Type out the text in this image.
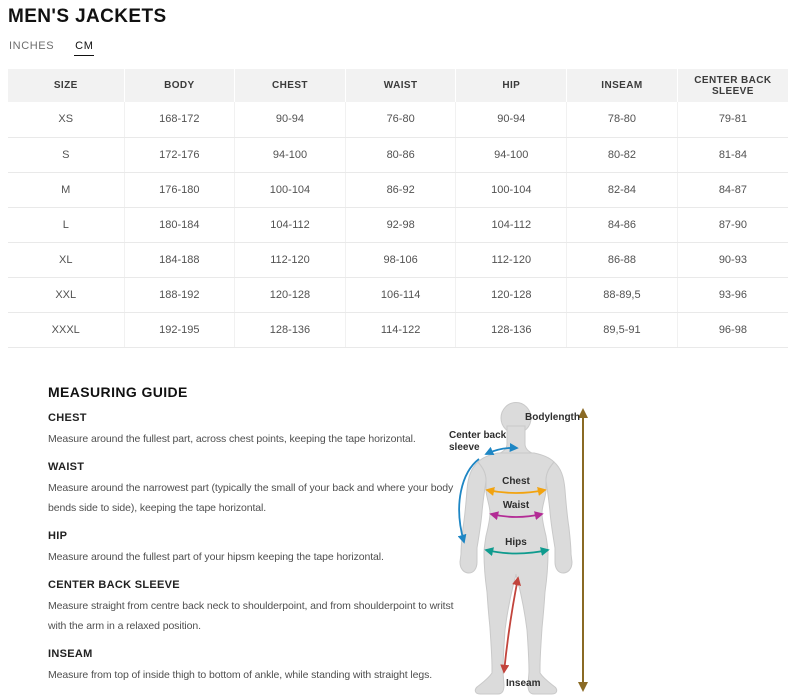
MEN'S JACKETS
INCHES CM
SIZE	BODY	CHEST	WAIST	HIP	INSEAM	CENTER BACK SLEEVE
XS	168-172	90-94	76-80	90-94	78-80	79-81
S	172-176	94-100	80-86	94-100	80-82	81-84
M	176-180	100-104	86-92	100-104	82-84	84-87
L	180-184	104-112	92-98	104-112	84-86	87-90
XL	184-188	112-120	98-106	112-120	86-88	90-93
XXL	188-192	120-128	106-114	120-128	88-89,5	93-96
XXXL	192-195	128-136	114-122	128-136	89,5-91	96-98
MEASURING GUIDE
CHEST

Measure around the fullest part, across chest points, keeping the tape horizontal.

WAIST

Measure around the narrowest part (typically the small of your back and where your body bends side to side), keeping the tape horizontal.

HIP

Measure around the fullest part of your hipsm keeping the tape horizontal.

CENTER BACK SLEEVE

Measure straight from centre back neck to shoulderpoint, and from shoulderpoint to writst with the arm in a relaxed position.

INSEAM

Measure from top of inside thigh to bottom of ankle, while standing with straight legs.

Bodylength
Center back
sleeve
Chest
Waist
Hips
Inseam
